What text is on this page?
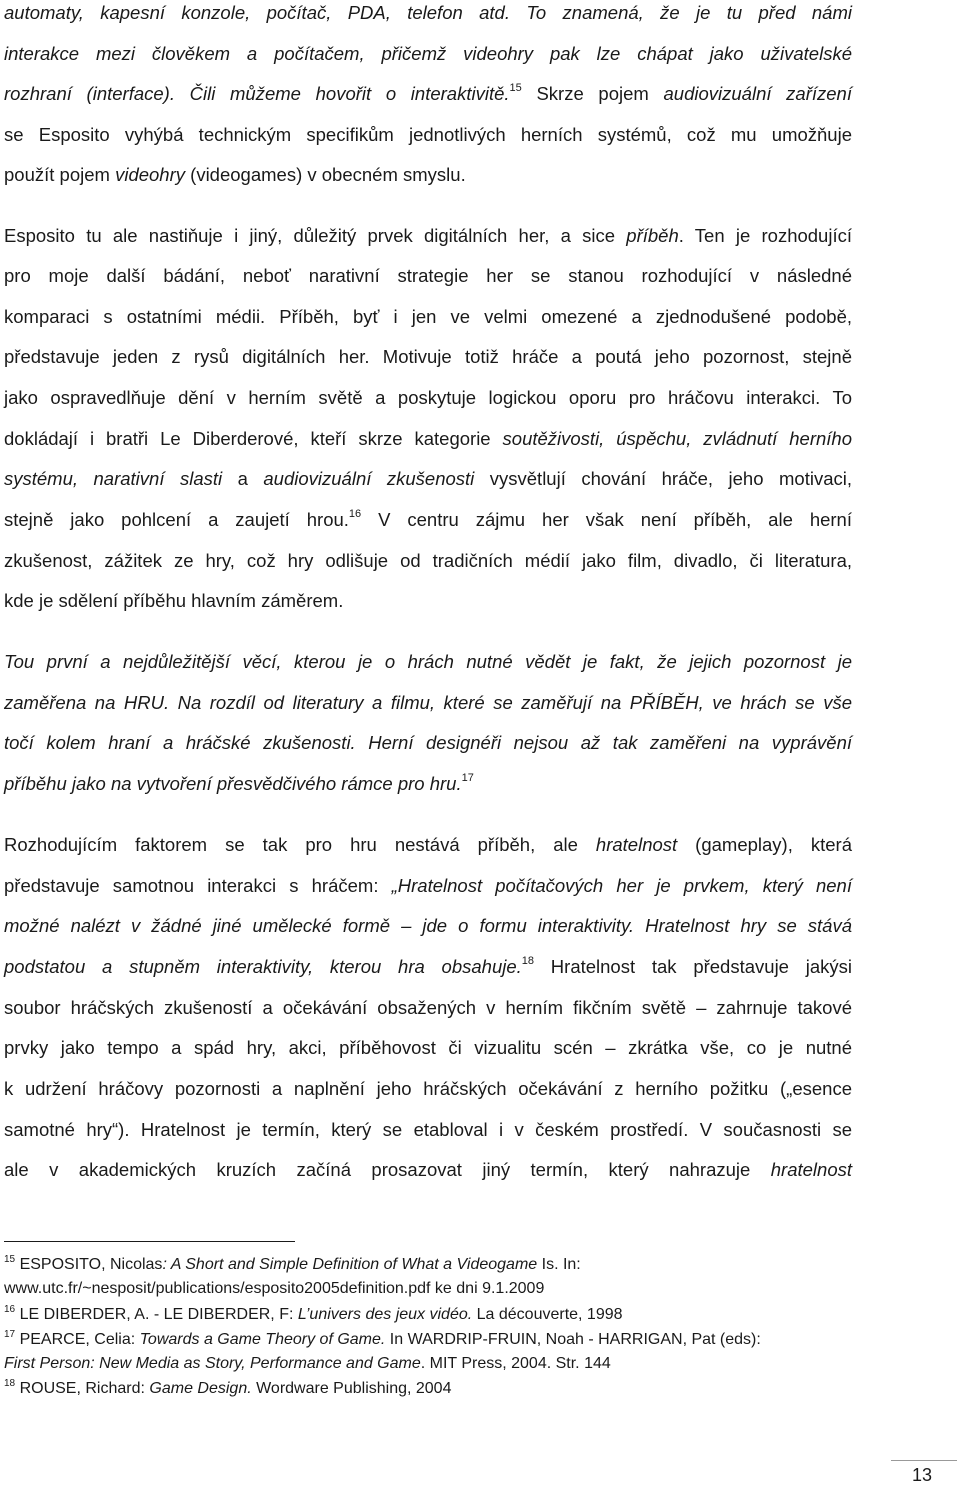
automaty, kapesní konzole, počítač, PDA, telefon atd. To znamená, že je tu před námi
interakce mezi člověkem a počítačem, přičemž videohry pak lze chápat jako uživatelské
rozhraní (interface). Čili můžeme hovořit o interaktivitě.$^{15}$ Skrze pojem audiovizuální zařízení
se Esposito vyhýbá technickým specifikům jednotlivých herních systémů, což mu umožňuje
použít pojem videohry (videogames) v obecném smyslu.
Esposito tu ale nastiňuje i jiný, důležitý prvek digitálních her, a sice příběh. Ten je rozhodující
pro moje další bádání, neboť narativní strategie her se stanou rozhodující v následné
komparaci s ostatními médii. Příběh, byť i jen ve velmi omezené a zjednodušené podobě,
představuje jeden z rysů digitálních her. Motivuje totiž hráče a poutá jeho pozornost, stejně
jako ospravedlňuje dění v herním světě a poskytuje logickou oporu pro hráčovu interakci. To
dokládají i bratři Le Diberderové, kteří skrze kategorie soutěživosti, úspěchu, zvládnutí herního
systému, narativní slasti a audiovizuální zkušenosti vysvětlují chování hráče, jeho motivaci,
stejně jako pohlcení a zaujetí hrou.$^{16}$ V centru zájmu her však není příběh, ale herní
zkušenost, zážitek ze hry, což hry odlišuje od tradičních médií jako film, divadlo, či literatura,
kde je sdělení příběhu hlavním záměrem.
Tou první a nejdůležitější věcí, kterou je o hrách nutné vědět je fakt, že jejich pozornost je
zaměřena na HRU. Na rozdíl od literatury a filmu, které se zaměřují na PŘÍBĚH, ve hrách se vše
točí kolem hraní a hráčské zkušenosti. Herní designéři nejsou až tak zaměřeni na vyprávění
příběhu jako na vytvoření přesvědčivého rámce pro hru.$^{17}$
Rozhodujícím faktorem se tak pro hru nestává příběh, ale hratelnost (gameplay), která
představuje samotnou interakci s hráčem: „Hratelnost počítačových her je prvkem, který není
možné nalézt v žádné jiné umělecké formě – jde o formu interaktivity. Hratelnost hry se stává
podstatou a stupněm interaktivity, kterou hra obsahuje.$^{18}$ Hratelnost tak představuje jakýsi
soubor hráčských zkušeností a očekávání obsažených v herním fikčním světě – zahrnuje takové
prvky jako tempo a spád hry, akci, příběhovost či vizualitu scén – zkrátka vše, co je nutné
k udržení hráčovy pozornosti a naplnění jeho hráčských očekávání z herního požitku („esence
samotné hry“). Hratelnost je termín, který se etabloval i v českém prostředí. V současnosti se
ale v akademických kruzích začíná prosazovat jiný termín, který nahrazuje hratelnost
$^{15}$ ESPOSITO, Nicolas: A Short and Simple Definition of What a Videogame Is. In:
www.utc.fr/~nesposit/publications/esposito2005definition.pdf ke dni 9.1.2009
$^{16}$ LE DIBERDER, A. - LE DIBERDER, F: L’univers des jeux vidéo. La découverte, 1998
$^{17}$ PEARCE, Celia: Towards a Game Theory of Game. In WARDRIP-FRUIN, Noah - HARRIGAN, Pat (eds):
First Person: New Media as Story, Performance and Game. MIT Press, 2004. Str. 144
$^{18}$ ROUSE, Richard: Game Design. Wordware Publishing, 2004
13
